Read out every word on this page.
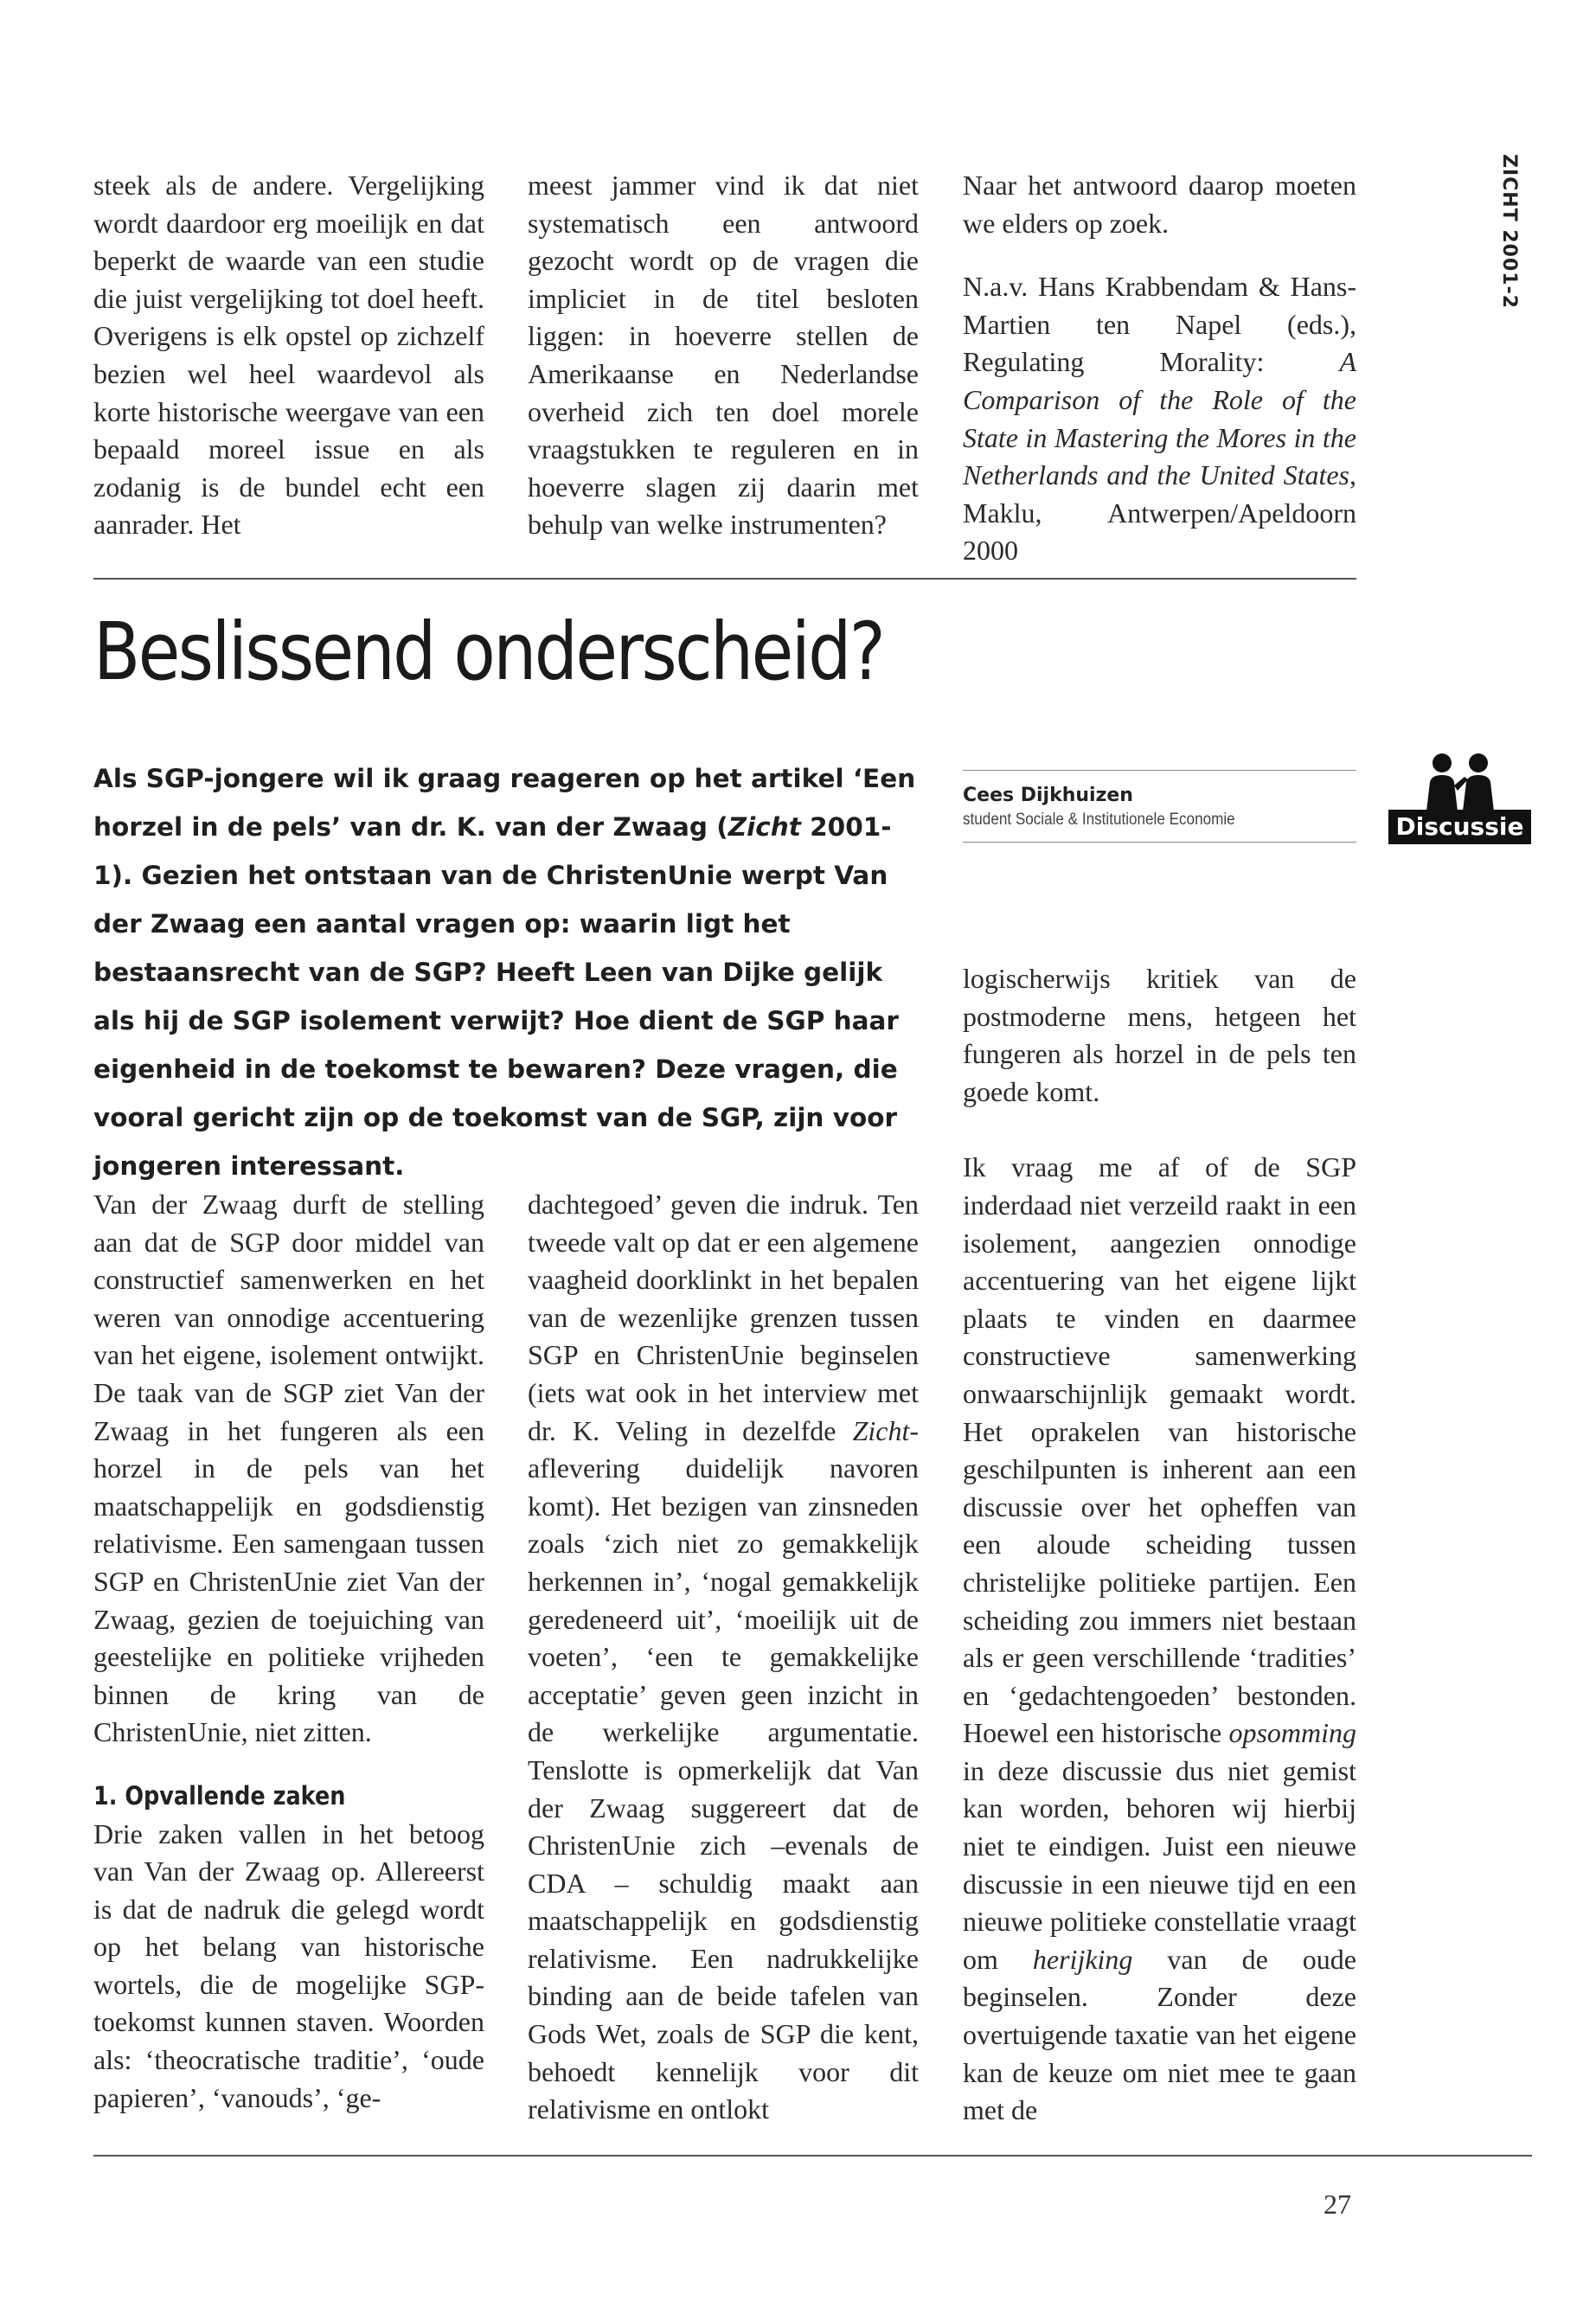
ZICHT 2001-2

steek als de andere. Vergelijking wordt daardoor erg moeilijk en dat beperkt de waarde van een studie die juist vergelijking tot doel heeft. Overigens is elk opstel op zichzelf bezien wel heel waardevol als korte historische weergave van een bepaald moreel issue en als zodanig is de bundel echt een aanrader. Het

meest jammer vind ik dat niet systematisch een antwoord gezocht wordt op de vragen die impliciet in de titel besloten liggen: in hoeverre stellen de Amerikaanse en Nederlandse overheid zich ten doel morele vraagstukken te reguleren en in hoeverre slagen zij daarin met behulp van welke instrumenten?

Naar het antwoord daarop moeten we elders op zoek.

N.a.v. Hans Krabbendam & Hans-Martien ten Napel (eds.), Regulating Morality: A Comparison of the Role of the State in Mastering the Mores in the Netherlands and the United States, Maklu, Antwerpen/Apeldoorn 2000

Beslissend onderscheid?

Als SGP-jongere wil ik graag reageren op het artikel ‘Een horzel in de pels’ van dr. K. van der Zwaag (Zicht 2001-1). Gezien het ontstaan van de ChristenUnie werpt Van der Zwaag een aantal vragen op: waarin ligt het bestaansrecht van de SGP? Heeft Leen van Dijke gelijk als hij de SGP isolement verwijt? Hoe dient de SGP haar eigenheid in de toekomst te bewaren? Deze vragen, die vooral gericht zijn op de toekomst van de SGP, zijn voor jongeren interessant.

Cees Dijkhuizen
student Sociale & Institutionele Economie	Discussie

Van der Zwaag durft de stelling aan dat de SGP door middel van constructief samenwerken en het weren van onnodige accentuering van het eigene, isolement ontwijkt. De taak van de SGP ziet Van der Zwaag in het fungeren als een horzel in de pels van het maatschappelijk en godsdienstig relativisme. Een samengaan tussen SGP en ChristenUnie ziet Van der Zwaag, gezien de toejuiching van geestelijke en politieke vrijheden binnen de kring van de ChristenUnie, niet zitten.

1. Opvallende zaken

Drie zaken vallen in het betoog van Van der Zwaag op. Allereerst is dat de nadruk die gelegd wordt op het belang van historische wortels, die de mogelijke SGP-toekomst kunnen staven. Woorden als: ‘theocratische traditie’, ‘oude papieren’, ‘vanouds’, ‘ge-

dachtegoed’ geven die indruk. Ten tweede valt op dat er een algemene vaagheid doorklinkt in het bepalen van de wezenlijke grenzen tussen SGP en ChristenUnie beginselen (iets wat ook in het interview met dr. K. Veling in dezelfde Zicht-aflevering duidelijk navoren komt). Het bezigen van zinsneden zoals ‘zich niet zo gemakkelijk herkennen in’, ‘nogal gemakkelijk geredeneerd uit’, ‘moeilijk uit de voeten’, ‘een te gemakkelijke acceptatie’ geven geen inzicht in de werkelijke argumentatie. Tenslotte is opmerkelijk dat Van der Zwaag suggereert dat de ChristenUnie zich –evenals de CDA – schuldig maakt aan maatschappelijk en godsdienstig relativisme. Een nadrukkelijke binding aan de beide tafelen van Gods Wet, zoals de SGP die kent, behoedt kennelijk voor dit relativisme en ontlokt

logischerwijs kritiek van de postmoderne mens, hetgeen het fungeren als horzel in de pels ten goede komt.

Ik vraag me af of de SGP inderdaad niet verzeild raakt in een isolement, aangezien onnodige accentuering van het eigene lijkt plaats te vinden en daarmee constructieve samenwerking onwaarschijnlijk gemaakt wordt. Het oprakelen van historische geschilpunten is inherent aan een discussie over het opheffen van een aloude scheiding tussen christelijke politieke partijen. Een scheiding zou immers niet bestaan als er geen verschillende ‘tradities’ en ‘gedachtengoeden’ bestonden. Hoewel een historische opsomming in deze discussie dus niet gemist kan worden, behoren wij hierbij niet te eindigen. Juist een nieuwe discussie in een nieuwe tijd en een nieuwe politieke constellatie vraagt om herijking van de oude beginselen. Zonder deze overtuigende taxatie van het eigene kan de keuze om niet mee te gaan met de

27
